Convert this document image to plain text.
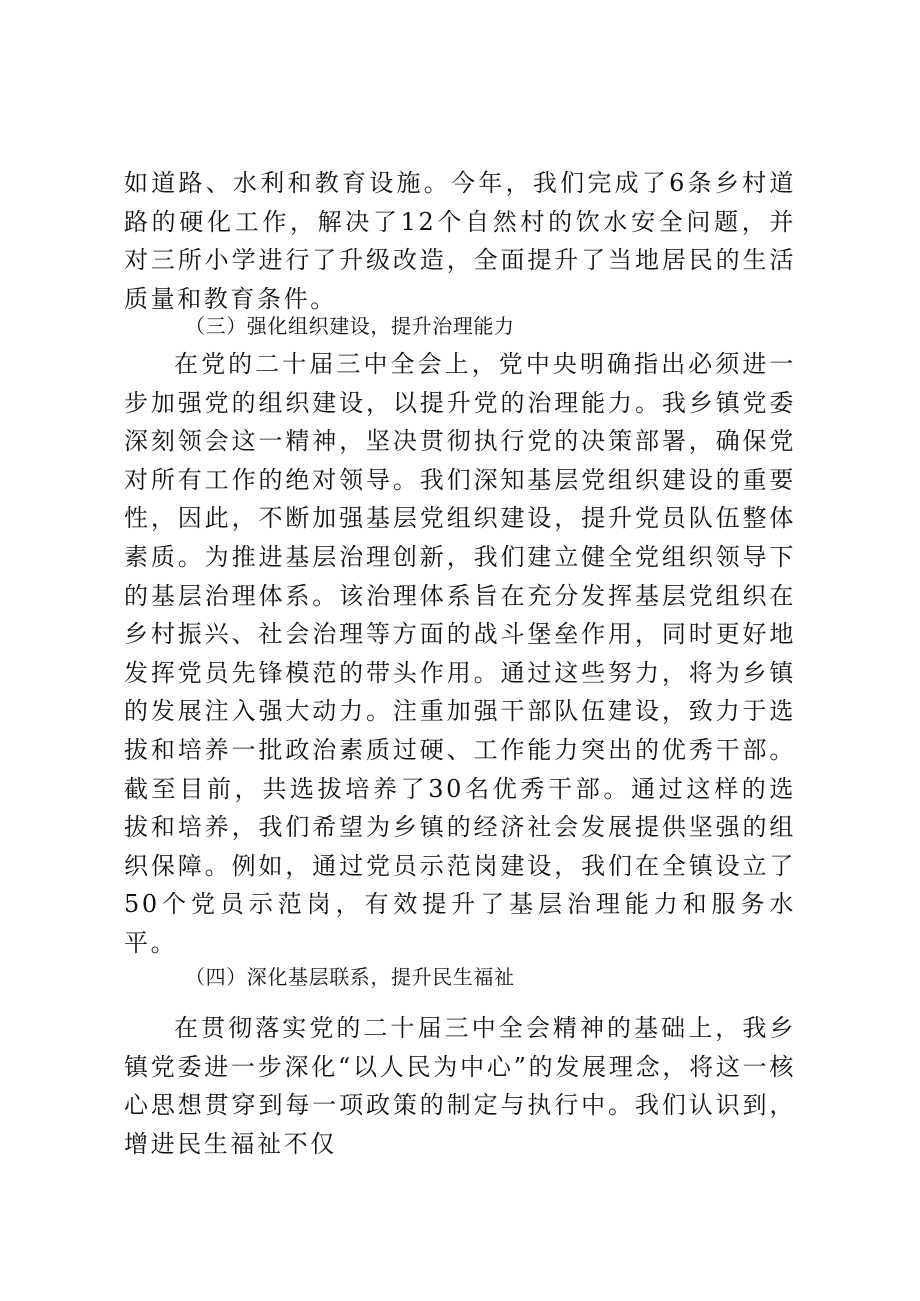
如道路、水利和教育设施。今年，我们完成了6条乡村道路的硬化工作，解决了12个自然村的饮水安全问题，并对三所小学进行了升级改造，全面提升了当地居民的生活质量和教育条件。

（三）强化组织建设，提升治理能力

在党的二十届三中全会上，党中央明确指出必须进一步加强党的组织建设，以提升党的治理能力。我乡镇党委深刻领会这一精神，坚决贯彻执行党的决策部署，确保党对所有工作的绝对领导。我们深知基层党组织建设的重要性，因此，不断加强基层党组织建设，提升党员队伍整体素质。为推进基层治理创新，我们建立健全党组织领导下的基层治理体系。该治理体系旨在充分发挥基层党组织在乡村振兴、社会治理等方面的战斗堡垒作用，同时更好地发挥党员先锋模范的带头作用。通过这些努力，将为乡镇的发展注入强大动力。注重加强干部队伍建设，致力于选拔和培养一批政治素质过硬、工作能力突出的优秀干部。截至目前，共选拔培养了30名优秀干部。通过这样的选拔和培养，我们希望为乡镇的经济社会发展提供坚强的组织保障。例如，通过党员示范岗建设，我们在全镇设立了50个党员示范岗，有效提升了基层治理能力和服务水平。

（四）深化基层联系，提升民生福祉

在贯彻落实党的二十届三中全会精神的基础上，我乡镇党委进一步深化“以人民为中心”的发展理念，将这一核心思想贯穿到每一项政策的制定与执行中。我们认识到，增进民生福祉不仅
